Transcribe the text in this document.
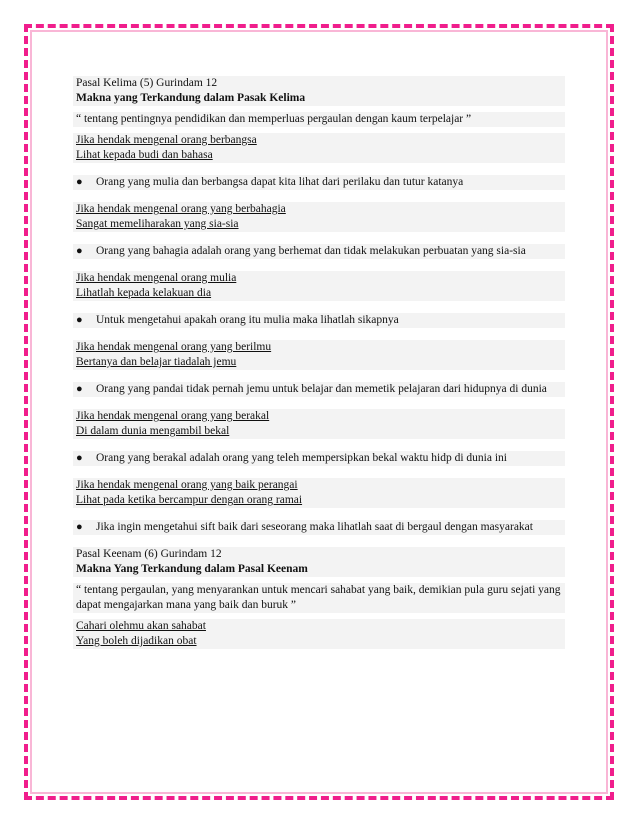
Pasal Kelima (5) Gurindam 12
Makna yang Terkandung dalam Pasak Kelima
“ tentang pentingnya pendidikan dan memperluas pergaulan dengan kaum terpelajar ”
Jika hendak mengenal orang berbangsa
Lihat kepada budi dan bahasa
●	Orang yang mulia dan berbangsa dapat kita lihat dari perilaku dan tutur katanya
Jika hendak mengenal orang yang berbahagia
Sangat memeliharakan yang sia-sia
●	Orang yang bahagia adalah orang yang berhemat dan tidak melakukan perbuatan yang sia-sia
Jika hendak mengenal orang mulia
Lihatlah kepada kelakuan dia
●	Untuk mengetahui apakah orang itu mulia maka lihatlah sikapnya
Jika hendak mengenal orang yang berilmu
Bertanya dan belajar tiadalah jemu
●	Orang yang pandai tidak pernah jemu untuk belajar dan memetik pelajaran dari hidupnya di dunia
Jika hendak mengenal orang yang berakal
Di dalam dunia mengambil bekal
●	Orang yang berakal adalah orang yang teleh mempersipkan bekal waktu hidp di dunia ini
Jika hendak mengenal orang yang baik perangai
Lihat pada ketika bercampur dengan orang ramai
●	Jika ingin mengetahui sift baik dari seseorang maka lihatlah saat di bergaul dengan masyarakat
Pasal Keenam (6) Gurindam 12
Makna Yang Terkandung dalam Pasal Keenam
“ tentang pergaulan, yang menyarankan untuk mencari sahabat yang baik, demikian pula guru sejati yang dapat mengajarkan mana yang baik dan buruk ”
Cahari olehmu akan sahabat
Yang boleh dijadikan obat
